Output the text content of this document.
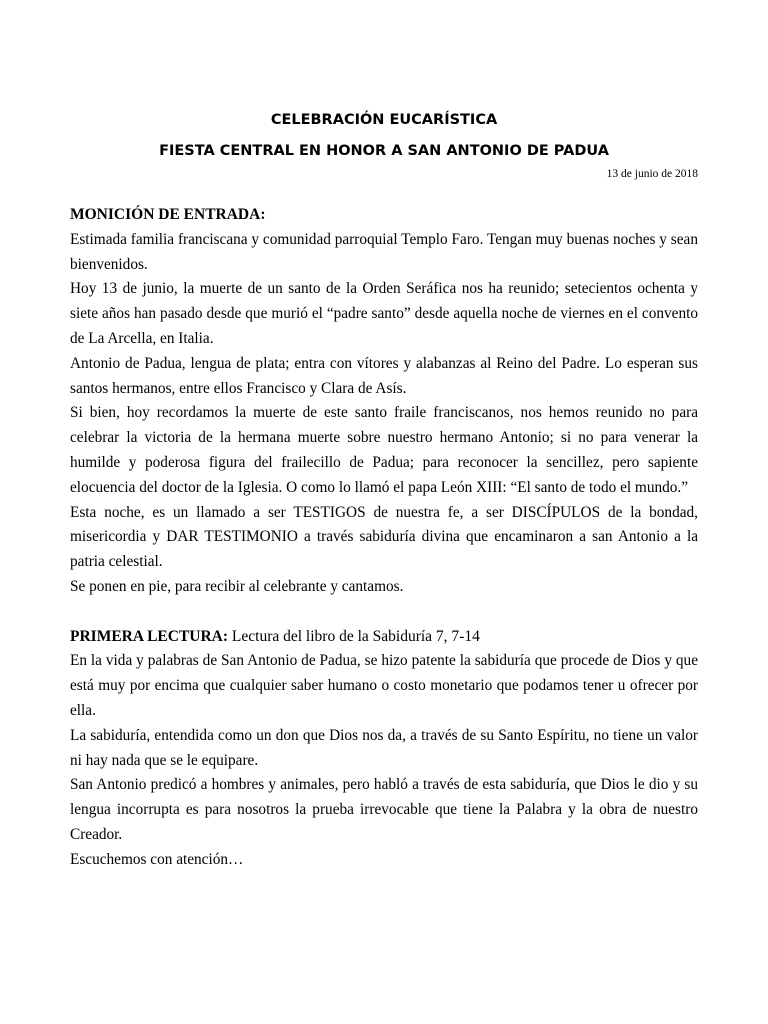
CELEBRACIÓN EUCARÍSTICA
FIESTA CENTRAL EN HONOR A SAN ANTONIO DE PADUA
13 de junio de 2018
MONICIÓN DE ENTRADA:

Estimada familia franciscana y comunidad parroquial Templo Faro. Tengan muy buenas noches y sean bienvenidos.

Hoy 13 de junio, la muerte de un santo de la Orden Seráfica nos ha reunido; setecientos ochenta y siete años han pasado desde que murió el “padre santo” desde aquella noche de viernes en el convento de La Arcella, en Italia.

Antonio de Padua, lengua de plata; entra con vítores y alabanzas al Reino del Padre. Lo esperan sus santos hermanos, entre ellos Francisco y Clara de Asís.

Si bien, hoy recordamos la muerte de este santo fraile franciscanos, nos hemos reunido no para celebrar la victoria de la hermana muerte sobre nuestro hermano Antonio; si no para venerar la humilde y poderosa figura del frailecillo de Padua; para reconocer la sencillez, pero sapiente elocuencia del doctor de la Iglesia. O como lo llamó el papa León XIII: “El santo de todo el mundo.”

Esta noche, es un llamado a ser TESTIGOS de nuestra fe, a ser DISCÍPULOS de la bondad, misericordia y DAR TESTIMONIO a través sabiduría divina que encaminaron a san Antonio a la patria celestial.

Se ponen en pie, para recibir al celebrante y cantamos.

PRIMERA LECTURA: Lectura del libro de la Sabiduría 7, 7-14

En la vida y palabras de San Antonio de Padua, se hizo patente la sabiduría que procede de Dios y que está muy por encima que cualquier saber humano o costo monetario que podamos tener u ofrecer por ella.

La sabiduría, entendida como un don que Dios nos da, a través de su Santo Espíritu, no tiene un valor ni hay nada que se le equipare.

San Antonio predicó a hombres y animales, pero habló a través de esta sabiduría, que Dios le dio y su lengua incorrupta es para nosotros la prueba irrevocable que tiene la Palabra y la obra de nuestro Creador.

Escuchemos con atención…
